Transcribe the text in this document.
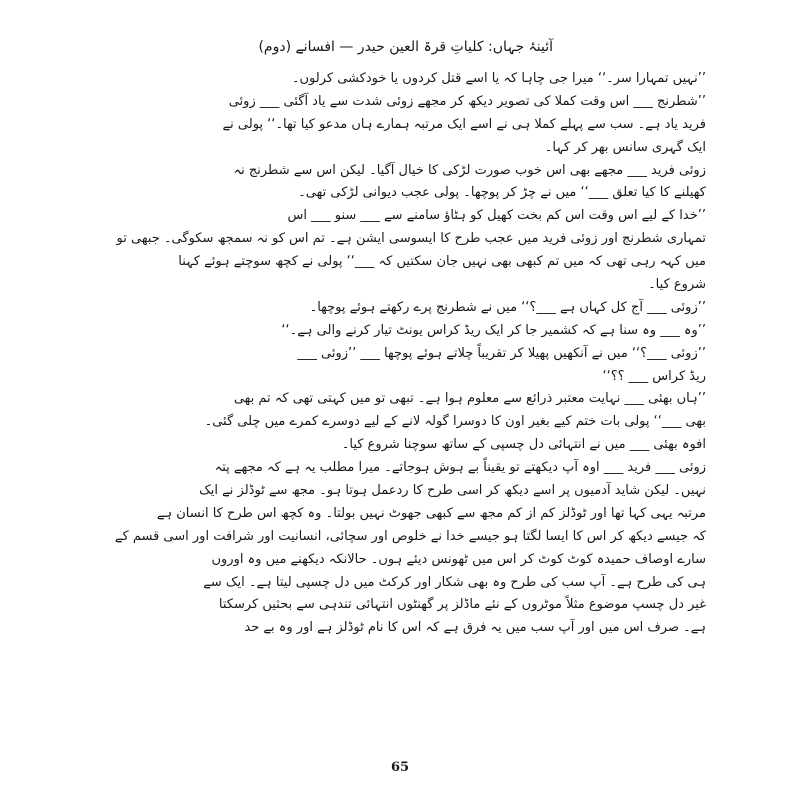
آئینۂ جہاں: کلیاتِ قرۃ العین حیدر — افسانے (دوم)
’’نہیں تمہارا سر۔‘‘ میرا جی چاہا کہ یا اسے قتل کردوں یا خودکشی کرلوں۔
’’شطرنج ___ اس وقت کملا کی تصویر دیکھ کر مجھے زوئی شدت سے یاد آگئی ___ زوئی
فرید یاد ہے۔ سب سے پہلے کملا ہی نے اسے ایک مرتبہ ہمارے ہاں مدعو کیا تھا۔‘‘ پولی نے
ایک گہری سانس بھر کر کہا۔
زوئی فرید ___ مجھے بھی اس خوب صورت لڑکی کا خیال آگیا۔ لیکن اس سے شطرنج نہ
کھیلنے کا کیا تعلق ___‘‘ میں نے چڑ کر پوچھا۔ پولی عجب دیوانی لڑکی تھی۔
’’خدا کے لیے اس وقت اس کم بخت کھیل کو ہٹاؤ سامنے سے ___ سنو ___ اس
تمہاری شطرنج اور زوئی فرید میں عجب طرح کا ایسوسی ایشن ہے۔ تم اس کو نہ سمجھ سکوگی۔ جبھی تو
میں کہہ رہی تھی کہ میں تم کبھی بھی نہیں جان سکتیں کہ ___‘‘ پولی نے کچھ سوچتے ہوئے کہنا
شروع کیا۔
’’زوئی ___ آج کل کہاں ہے ___؟‘‘ میں نے شطرنج پرے رکھتے ہوئے پوچھا۔
’’وہ ___ وہ سنا ہے کہ کشمیر جا کر ایک ریڈ کراس یونٹ تیار کرنے والی ہے۔‘‘
’’زوئی ___؟‘‘ میں نے آنکھیں پھیلا کر تقریباً چلاتے ہوئے پوچھا ___ ’’زوئی ___
ریڈ کراس ___ ؟؟‘‘
’’ہاں بھئی ___ نہایت معتبر ذرائع سے معلوم ہوا ہے۔ تبھی تو میں کہتی تھی کہ تم بھی
بھی ___‘‘ پولی بات ختم کیے بغیر اون کا دوسرا گولہ لانے کے لیے دوسرے کمرے میں چلی گئی۔
افوہ بھئی ___ میں نے انتہائی دل چسپی کے ساتھ سوچنا شروع کیا۔
زوئی ___ فرید ___ اوہ آپ دیکھتے تو یقیناً بے ہوش ہوجاتے۔ میرا مطلب یہ ہے کہ مجھے پتہ
نہیں۔ لیکن شاید آدمیوں پر اسے دیکھ کر اسی طرح کا ردعمل ہوتا ہو۔ مجھ سے ٹوڈلز نے ایک
مرتبہ یہی کہا تھا اور ٹوڈلز کم از کم مجھ سے کبھی جھوٹ نہیں بولتا۔ وہ کچھ اس طرح کا انسان ہے
کہ جیسے دیکھ کر اس کا ایسا لگتا ہو جیسے خدا نے خلوص اور سچائی، انسانیت اور شرافت اور اسی قسم کے
سارے اوصاف حمیدہ کوٹ کوٹ کر اس میں ٹھونس دیئے ہوں۔ حالانکہ دیکھنے میں وہ اوروں
ہی کی طرح ہے۔ آپ سب کی طرح وہ بھی شکار اور کرکٹ میں دل چسپی لیتا ہے۔ ایک سے
غیر دل چسپ موضوع مثلاً موٹروں کے نئے ماڈلز پر گھنٹوں انتہائی تندہی سے بحثیں کرسکتا
ہے۔ صرف اس میں اور آپ سب میں یہ فرق ہے کہ اس کا نام ٹوڈلز ہے اور وہ بے حد
65
